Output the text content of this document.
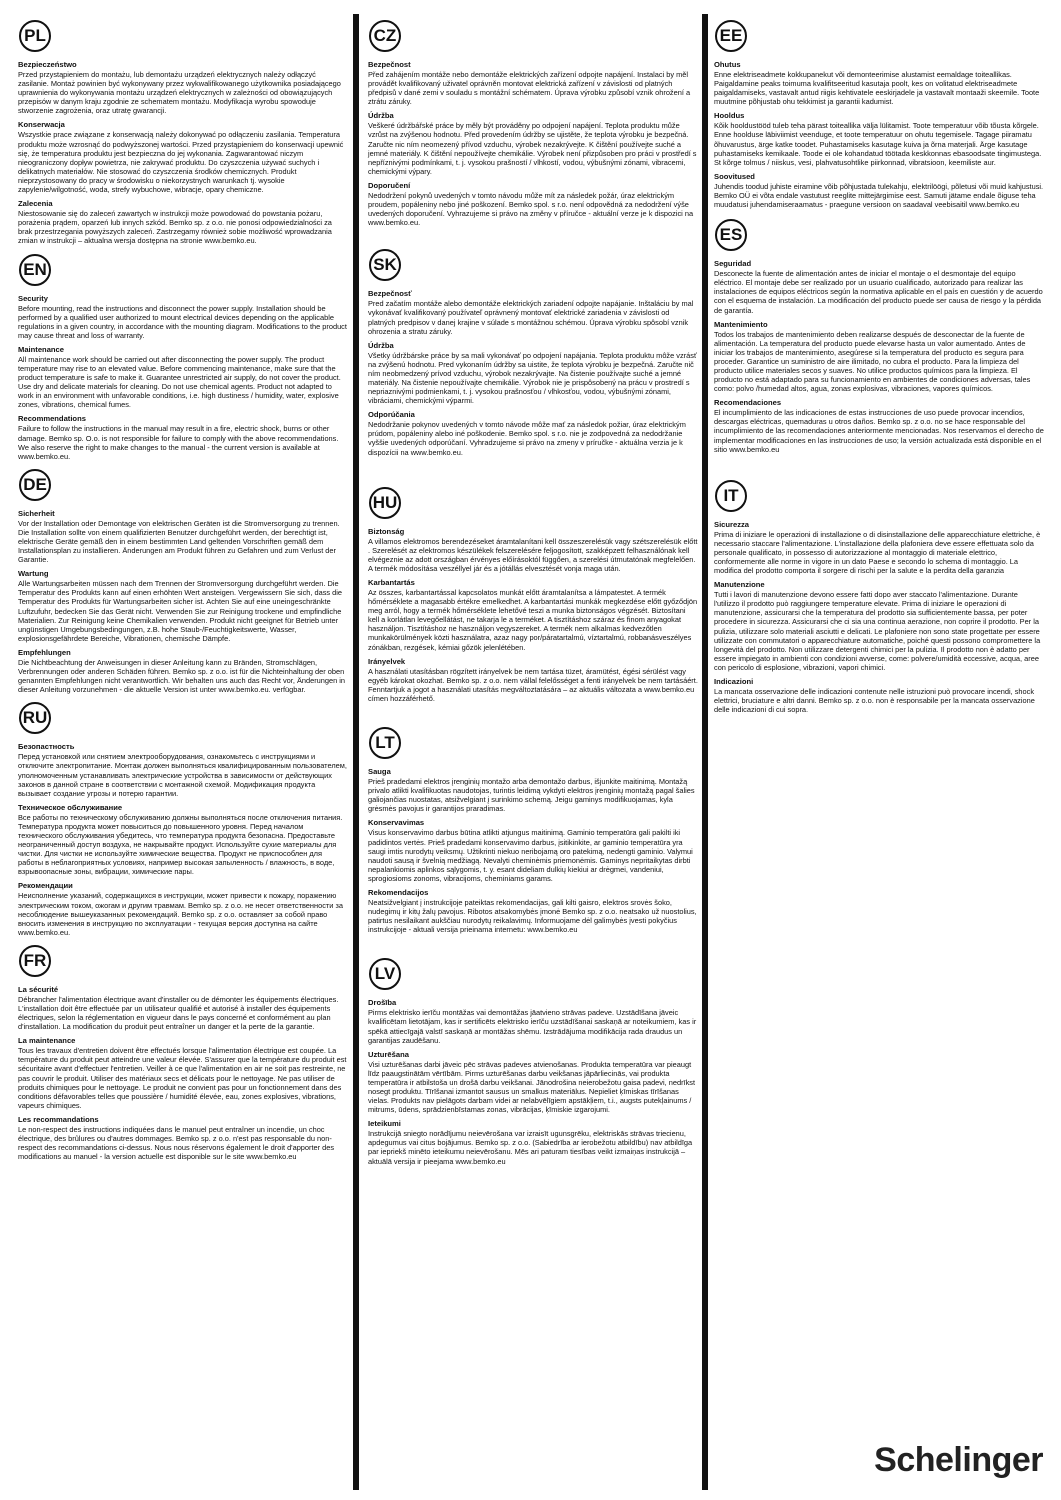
PL
Bezpieczeństwo

Przed przystąpieniem do montażu, lub demontażu urządzeń elektrycznych należy odłączyć zasilanie. Montaż powinien być wykonywany przez wykwalifikowanego użytkownika posiadającego uprawnienia do wykonywania montażu urządzeń elektrycznych w zależności od obowiązujących przepisów w danym kraju zgodnie ze schematem montażu. Modyfikacja wyrobu spowoduje stworzenie zagrożenia, oraz utratę gwarancji.

Konserwacja

Wszystkie prace związane z konserwacją należy dokonywać po odłączeniu zasilania. Temperatura produktu może wzrosnąć do podwyższonej wartości. Przed przystąpieniem do konserwacji upewnić się, że temperatura produktu jest bezpieczna do jej wykonania. Zagwarantować niczym nieograniczony dopływ powietrza, nie zakrywać produktu. Do czyszczenia używać suchych i delikatnych materiałów. Nie stosować do czyszczenia środków chemicznych. Produkt nieprzystosowany do pracy w środowisku o niekorzystnych warunkach tj. wysokie zapylenie/wilgotność, woda, strefy wybuchowe, wibracje, opary chemiczne.

Zalecenia

Niestosowanie się do zaleceń zawartych w instrukcji może powodować do powstania pożaru, porażenia prądem, oparzeń lub innych szkód. Bemko sp. z o.o. nie ponosi odpowiedzialności za brak przestrzegania powyższych zaleceń. Zastrzegamy również sobie możliwość wprowadzania zmian w instrukcji – aktualna wersja dostępna na stronie www.bemko.eu.

EN
Security

Before mounting, read the instructions and disconnect the power supply. Installation should be performed by a qualified user authorized to mount electrical devices depending on the applicable regulations in a given country, in accordance with the mounting diagram. Modifications to the product may cause threat and loss of warranty.

Maintenance

All maintenance work should be carried out after disconnecting the power supply. The product temperature may rise to an elevated value. Before commencing maintenance, make sure that the product temperature is safe to make it. Guarantee unrestricted air supply, do not cover the product. Use dry and delicate materials for cleaning. Do not use chemical agents. Product not adapted to work in an environment with unfavorable conditions, i.e. high dustiness / humidity, water, explosive zones, vibrations, chemical fumes.

Recommendations

Failure to follow the instructions in the manual may result in a fire, electric shock, burns or other damage. Bemko sp. O.o. is not responsible for failure to comply with the above recommendations. We also reserve the right to make changes to the manual - the current version is available at www.bemko.eu.

DE
Sicherheit

Vor der Installation oder Demontage von elektrischen Geräten ist die Stromversorgung zu trennen. Die Installation sollte von einem qualifizierten Benutzer durchgeführt werden, der berechtigt ist, elektrische Geräte gemäß den in einem bestimmten Land geltenden Vorschriften gemäß dem Installationsplan zu installieren. Änderungen am Produkt führen zu Gefahren und zum Verlust der Garantie.

Wartung

Alle Wartungsarbeiten müssen nach dem Trennen der Stromversorgung durchgeführt werden. Die Temperatur des Produkts kann auf einen erhöhten Wert ansteigen. Vergewissern Sie sich, dass die Temperatur des Produkts für Wartungsarbeiten sicher ist. Achten Sie auf eine uneingeschränkte Luftzufuhr, bedecken Sie das Gerät nicht. Verwenden Sie zur Reinigung trockene und empfindliche Materialien. Zur Reinigung keine Chemikalien verwenden. Produkt nicht geeignet für Betrieb unter ungünstigen Umgebungsbedingungen, z.B. hohe Staub-/Feuchtigkeitswerte, Wasser, explosionsgefährdete Bereiche, Vibrationen, chemische Dämpfe.

Empfehlungen

Die Nichtbeachtung der Anweisungen in dieser Anleitung kann zu Bränden, Stromschlägen, Verbrennungen oder anderen Schäden führen. Bemko sp. z o.o. ist für die Nichteinhaltung der oben genannten Empfehlungen nicht verantwortlich. Wir behalten uns auch das Recht vor, Änderungen in dieser Anleitung vorzunehmen - die aktuelle Version ist unter www.bemko.eu. verfügbar.

RU
Безопастность

Перед установкой или снятием электрооборудования, ознакомьтесь с инструкциями и отключите электропитание. Монтаж должен выполняться квалифицированным пользователем, уполномоченным устанавливать электрические устройства в зависимости от действующих законов в данной стране в соответствии с монтажной схемой. Модификация продукта вызывает создание угрозы и потерю гарантии.

Техническое обслуживание

Все работы по техническому обслуживанию должны выполняться после отключения питания. Температура продукта может повыситься до повышенного уровня. Перед началом технического обслуживания убедитесь, что температура продукта безопасна. Предоставьте неограниченный доступ воздуха, не накрывайте продукт. Используйте сухие материалы для чистки. Для чистки не используйте химические вещества. Продукт не приспособлен для работы в неблагоприятных условиях, например высокая запыленность / влажность, в воде, взрывоопасные зоны, вибрации, химические пары.

Рекомендации

Неисполнение указаний, содержащихся в инструкции, может привести к пожару, поражению электрическим током, ожогам и другим травмам. Bemko sp. z o.o. не несет ответственности за несоблюдение вышеуказанных рекомендаций. Bemko sp. z o.o. оставляет за собой право вносить изменения в инструкцию по эксплуатации - текущая версия доступна на сайте www.bemko.eu.

FR
La sécurité

Débrancher l'alimentation électrique avant d'installer ou de démonter les équipements électriques. L'installation doit être effectuée par un utilisateur qualifié et autorisé à installer des équipements électriques, selon la réglementation en vigueur dans le pays concerné et conformément au plan d'installation. La modification du produit peut entraîner un danger et la perte de la garantie.

La maintenance

Tous les travaux d'entretien doivent être effectués lorsque l'alimentation électrique est coupée. La température du produit peut atteindre une valeur élevée. S'assurer que la température du produit est sécuritaire avant d'effectuer l'entretien. Veiller à ce que l'alimentation en air ne soit pas restreinte, ne pas couvrir le produit. Utiliser des matériaux secs et délicats pour le nettoyage. Ne pas utiliser de produits chimiques pour le nettoyage. Le produit ne convient pas pour un fonctionnement dans des conditions défavorables telles que poussière / humidité élevée, eau, zones explosives, vibrations, vapeurs chimiques.

Les recommandations

Le non-respect des instructions indiquées dans le manuel peut entraîner un incendie, un choc électrique, des brûlures ou d'autres dommages. Bemko sp. z o.o. n'est pas responsable du non-respect des recommandations ci-dessus. Nous nous réservons également le droit d'apporter des modifications au manuel - la version actuelle est disponible sur le site www.bemko.eu

CZ
Bezpečnost

Před zahájením montáže nebo demontáže elektrických zařízení odpojte napájení. Instalaci by měl provádět kvalifikovaný uživatel oprávněn montovat elektrická zařízení v závislosti od platných předpisů v dané zemi v souladu s montážní schématem. Úprava výrobku způsobí vznik ohrožení a ztrátu záruky.

Údržba

Veškeré údržbářské práce by měly být prováděny po odpojení napájení. Teplota produktu může vzrůst na zvýšenou hodnotu. Před provedením údržby se ujistěte, že teplota výrobku je bezpečná. Zaručte nic ním neomezený přívod vzduchu, výrobek nezakrývejte. K čištění používejte suché a jemné materiály. K čištění nepoužívejte chemikálie. Výrobek není přizpůsoben pro práci v prostředí s nepříznivými podmínkami, t. j. vysokou prašností / vlhkostí, vodou, výbušnými zónami, vibracemi, chemickými výpary.

Doporučení

Nedodržení pokynů uvedených v tomto návodu může mít za následek požár, úraz elektrickým proudem, popáleniny nebo jiné poškození. Bemko spol. s r.o. není odpovědná za nedodržení výše uvedených doporučení. Vyhrazujeme si právo na změny v příručce - aktuální verze je k dispozici na www.bemko.eu.

SK
Bezpečnosť

Pred začatím montáže alebo demontáže elektrických zariadení odpojte napájanie. Inštaláciu by mal vykonávať kvalifikovaný používateľ oprávnený montovať elektrické zariadenia v závislosti od platných predpisov v danej krajine v súlade s montážnou schémou. Úprava výrobku spôsobí vznik ohrozenia a stratu záruky.

Údržba

Všetky údržbárske práce by sa mali vykonávať po odpojení napájania. Teplota produktu môže vzrásť na zvýšenú hodnotu. Pred vykonaním údržby sa uistite, že teplota výrobku je bezpečná. Zaručte nič ním neobmedzený prívod vzduchu, výrobok nezakrývajte. Na čistenie používajte suché a jemné materiály. Na čistenie nepoužívajte chemikálie. Výrobok nie je prispôsobený na prácu v prostredí s nepriaznivými podmienkami, t. j. vysokou prašnosťou / vlhkosťou, vodou, výbušnými zónami, vibráciami, chemickými výparmi.

Odporúčania

Nedodržanie pokynov uvedených v tomto návode môže mať za následok požiar, úraz elektrickým prúdom, popáleniny alebo iné poškodenie. Bemko spol. s r.o. nie je zodpovedná za nedodržanie vyššie uvedených odporúčaní. Vyhradzujeme si právo na zmeny v príručke - aktuálna verzia je k dispozícii na www.bemko.eu.

HU
Biztonság

A villamos elektromos berendezéseket áramtalanítani kell összeszerelésük vagy szétszerelésük előtt . Szerelését az elektromos készülékek felszerelésére feljogosított, szakképzett felhasználónak kell elvégeznie az adott országban érvényes előírásoktól függően, a szerelési útmutatónak megfelelően. A termék módosítása veszéllyel jár és a jótállás elvesztését vonja maga után.

Karbantartás

Az összes, karbantartással kapcsolatos munkát előtt áramtalanítsa a lámpatestet. A termék hőmérséklete a magasabb értékre emelkedhet. A karbantartási munkák megkezdése előtt győződjön meg arról, hogy a termék hőmérséklete lehetővé teszi a munka biztonságos végzését. Biztosítani kell a korlátlan levegőellátást, ne takarja le a terméket. A tisztításhoz száraz és finom anyagokat használjon. Tisztításhoz ne használjon vegyszereket. A termék nem alkalmas kedvezőtlen munkakörülmények közti használatra, azaz nagy por/páratartalmú, víztartalmú, robbanásveszélyes zónákban, rezgések, kémiai gőzök jelenlétében.

Irányelvek

A használati utasításban rögzített irányelvek be nem tartása tüzet, áramütést, égési sérülést vagy egyéb károkat okozhat. Bemko sp. z o.o. nem vállal felelősséget a fenti irányelvek be nem tartásáért. Fenntartjuk a jogot a használati utasítás megváltoztatására – az aktuális változata a www.bemko.eu címen hozzáférhető.

LT
Sauga

Prieš pradedami elektros įrenginių montažo arba demontažo darbus, išjunkite maitinimą. Montažą privalo atlikti kvalifikuotas naudotojas, turintis leidimą vykdyti elektros įrenginių montažą pagal šalies galiojančias nuostatas, atsižvelgiant į surinkimo schemą. Jeigu gaminys modifikuojamas, kyla grėsmės pavojus ir garantijos praradimas.

Konservavimas

Visus konservavimo darbus būtina atlikti atjungus maitinimą. Gaminio temperatūra gali pakilti iki padidintos vertės. Prieš pradedami konservavimo darbus, įsitikinkite, ar gaminio temperatūra yra saugi imtis nurodytų veiksmų. Užtikrinti niekuo neribojamą oro patekimą, nedengti gaminio. Valymui naudoti sausą ir švelnią medžiagą. Nevalyti cheminėmis priemonėmis. Gaminys nepritaikytas dirbti nepalankiomis aplinkos sąlygomis, t. y. esant dideliam dulkių kiekiui ar drėgmei, vandeniui, sprogiosioms zonoms, vibracijoms, cheminiams garams.

Rekomendacijos

Neatsižvelgiant į instrukcijoje pateiktas rekomendacijas, gali kilti gaisro, elektros srovės šoko, nudegimų ir kitų žalų pavojus. Ribotos atsakomybės įmonė Bemko sp. z o.o. neatsako už nuostolius, patirtus nesilaikant aukščiau nurodytų reikalavimų. Informuojame dėl galimybės įvesti pokyčius instrukcijoje - aktuali versija prieinama internetu: www.bemko.eu

LV
Drošība

Pirms elektrisko ierīču montāžas vai demontāžas jāatvieno strāvas padeve. Uzstādīšana jāveic kvalificētam lietotājam, kas ir sertificēts elektrisko ierīču uzstādīšanai saskaņā ar noteikumiem, kas ir spēkā attiecīgajā valstī saskaņā ar montāžas shēmu. Izstrādājuma modifikācija rada draudus un garantijas zaudēšanu.

Uzturēšana

Visi uzturēšanas darbi jāveic pēc strāvas padeves atvienošanas. Produkta temperatūra var pieaugt līdz paaugstinātām vērtībām. Pirms uzturēšanas darbu veikšanas jāpārliecinās, vai produkta temperatūra ir atbilstoša un drošā darbu veikšanai. Jānodrošina neierobežotu gaisa padevi, nedrīkst nosegt produktu. Tīrīšanai izmantot sausus un smalkus materiālus. Nepieliet ķīmiskas tīrīšanas vielas. Produkts nav pielāgots darbam videi ar nelabvēlīgiem apstākļiem, t.i., augsts putekļainums / mitrums, ūdens, sprādzienbīstamas zonas, vibrācijas, ķīmiskie izgarojumi.

Ieteikumi

Instrukcijā sniegto norādījumu neievērošana var izraisīt ugunsgrēku, elektriskās strāvas triecienu, apdegumus vai citus bojājumus. Bemko sp. z o.o. (Sabiedrība ar ierobežotu atbildību) nav atbildīga par iepriekš minēto ieteikumu neievērošanu. Mēs ari paturam tiesības veikt izmaiņas instrukcijā – aktuālā versija ir pieejama www.bemko.eu

EE
Ohutus

Enne elektriseadmete kokkupanekut või demonteerimise alustamist eemaldage toiteallikas. Paigaldamine peaks toimuma kvalifitseeritud kasutaja poolt, kes on volitatud elektriseadmete paigaldamiseks, vastavalt antud riigis kehtivatele eeskirjadele ja vastavalt montaaži skeemile. Toote muutmine põhjustab ohu tekkimist ja garantii kadumist.

Hooldus

Kõik hooldustööd tuleb teha pärast toiteallika välja lülitamist. Toote temperatuur võib tõusta kõrgele. Enne hoolduse läbiviimist veenduge, et toote temperatuur on ohutu tegemisele. Tagage piiramatu õhuvarustus, ärge katke toodet. Puhastamiseks kasutage kuiva ja õrna materjali. Ärge kasutage puhastamiseks kemikaale. Toode ei ole kohandatud töötada keskkonnas ebasoodsate tingimustega. St kõrge tolmus / niiskus, vesi, plahvatusohtlike piirkonnad, vibratsioon, keemiliste aur.

Soovitused

Juhendis toodud juhiste eiramine võib põhjustada tulekahju, elektrilöögi, põletusi või muid kahjustusi. Bemko OÜ ei võta endale vastutust reeglite mittejärgimise eest. Samuti jätame endale õiguse teha muudatusi juhendamiseraamatus - praegune versioon on saadaval veebisaitil www.bemko.eu

ES
Seguridad

Desconecte la fuente de alimentación antes de iniciar el montaje o el desmontaje del equipo eléctrico. El montaje debe ser realizado por un usuario cualificado, autorizado para realizar las instalaciones de equipos eléctricos según la normativa aplicable en el país en cuestión y de acuerdo con el esquema de instalación. La modificación del producto puede ser causa de riesgo y la pérdida de garantía.

Mantenimiento

Todos los trabajos de mantenimiento deben realizarse después de desconectar de la fuente de alimentación. La temperatura del producto puede elevarse hasta un valor aumentado. Antes de iniciar los trabajos de mantenimiento, asegúrese si la temperatura del producto es segura para proceder. Garantice un suministro de aire ilimitado, no cubra el producto. Para la limpieza del producto utilice materiales secos y suaves. No utilice productos químicos para la limpieza. El producto no está adaptado para su funcionamiento en ambientes de condiciones adversas, tales como: polvo /humedad altos, agua, zonas explosivas, vibraciones, vapores químicos.

Recomendaciones

El incumplimiento de las indicaciones de estas instrucciones de uso puede provocar incendios, descargas eléctricas, quemaduras u otros daños. Bemko sp. z o.o. no se hace responsable del incumplimiento de las recomendaciones anteriormente mencionadas. Nos reservamos el derecho de implementar modificaciones en las instrucciones de uso; la versión actualizada está disponible en el sitio www.bemko.eu

IT
Sicurezza

Prima di iniziare le operazioni di installazione o di disinstallazione delle apparecchiature elettriche, è necessario staccare l'alimentazione. L'installazione della plafoniera deve essere effettuata solo da personale qualificato, in possesso di autorizzazione al montaggio di materiale elettrico, conformemente alle norme in vigore in un dato Paese e secondo lo schema di montaggio. La modifica del prodotto comporta il sorgere di rischi per la salute e la perdita della garanzia

Manutenzione

Tutti i lavori di manutenzione devono essere fatti dopo aver staccato l'alimentazione. Durante l'utilizzo il prodotto può raggiungere temperature elevate. Prima di iniziare le operazioni di manutenzione, assicurarsi che la temperatura del prodotto sia sufficientemente bassa, per poter procedere in sicurezza. Assicurarsi che ci sia una continua aerazione, non coprire il prodotto. Per la pulizia, utilizzare solo materiali asciutti e delicati. Le plafoniere non sono state progettate per essere utilizzate con commutatori o apparecchiature automatiche, poiché questi possono compromettere la longevità del prodotto. Non utilizzare detergenti chimici per la pulizia. Il prodotto non è adatto per essere impiegato in ambienti con condizioni avverse, come: polvere/umidità eccessive, acqua, aree con pericolo di esplosione, vibrazioni, vapori chimici.

Indicazioni

La mancata osservazione delle indicazioni contenute nelle istruzioni può provocare incendi, shock elettrici, bruciature e altri danni. Bemko sp. z o.o. non è responsabile per la mancata osservazione delle indicazioni di cui sopra.

Schelinger
